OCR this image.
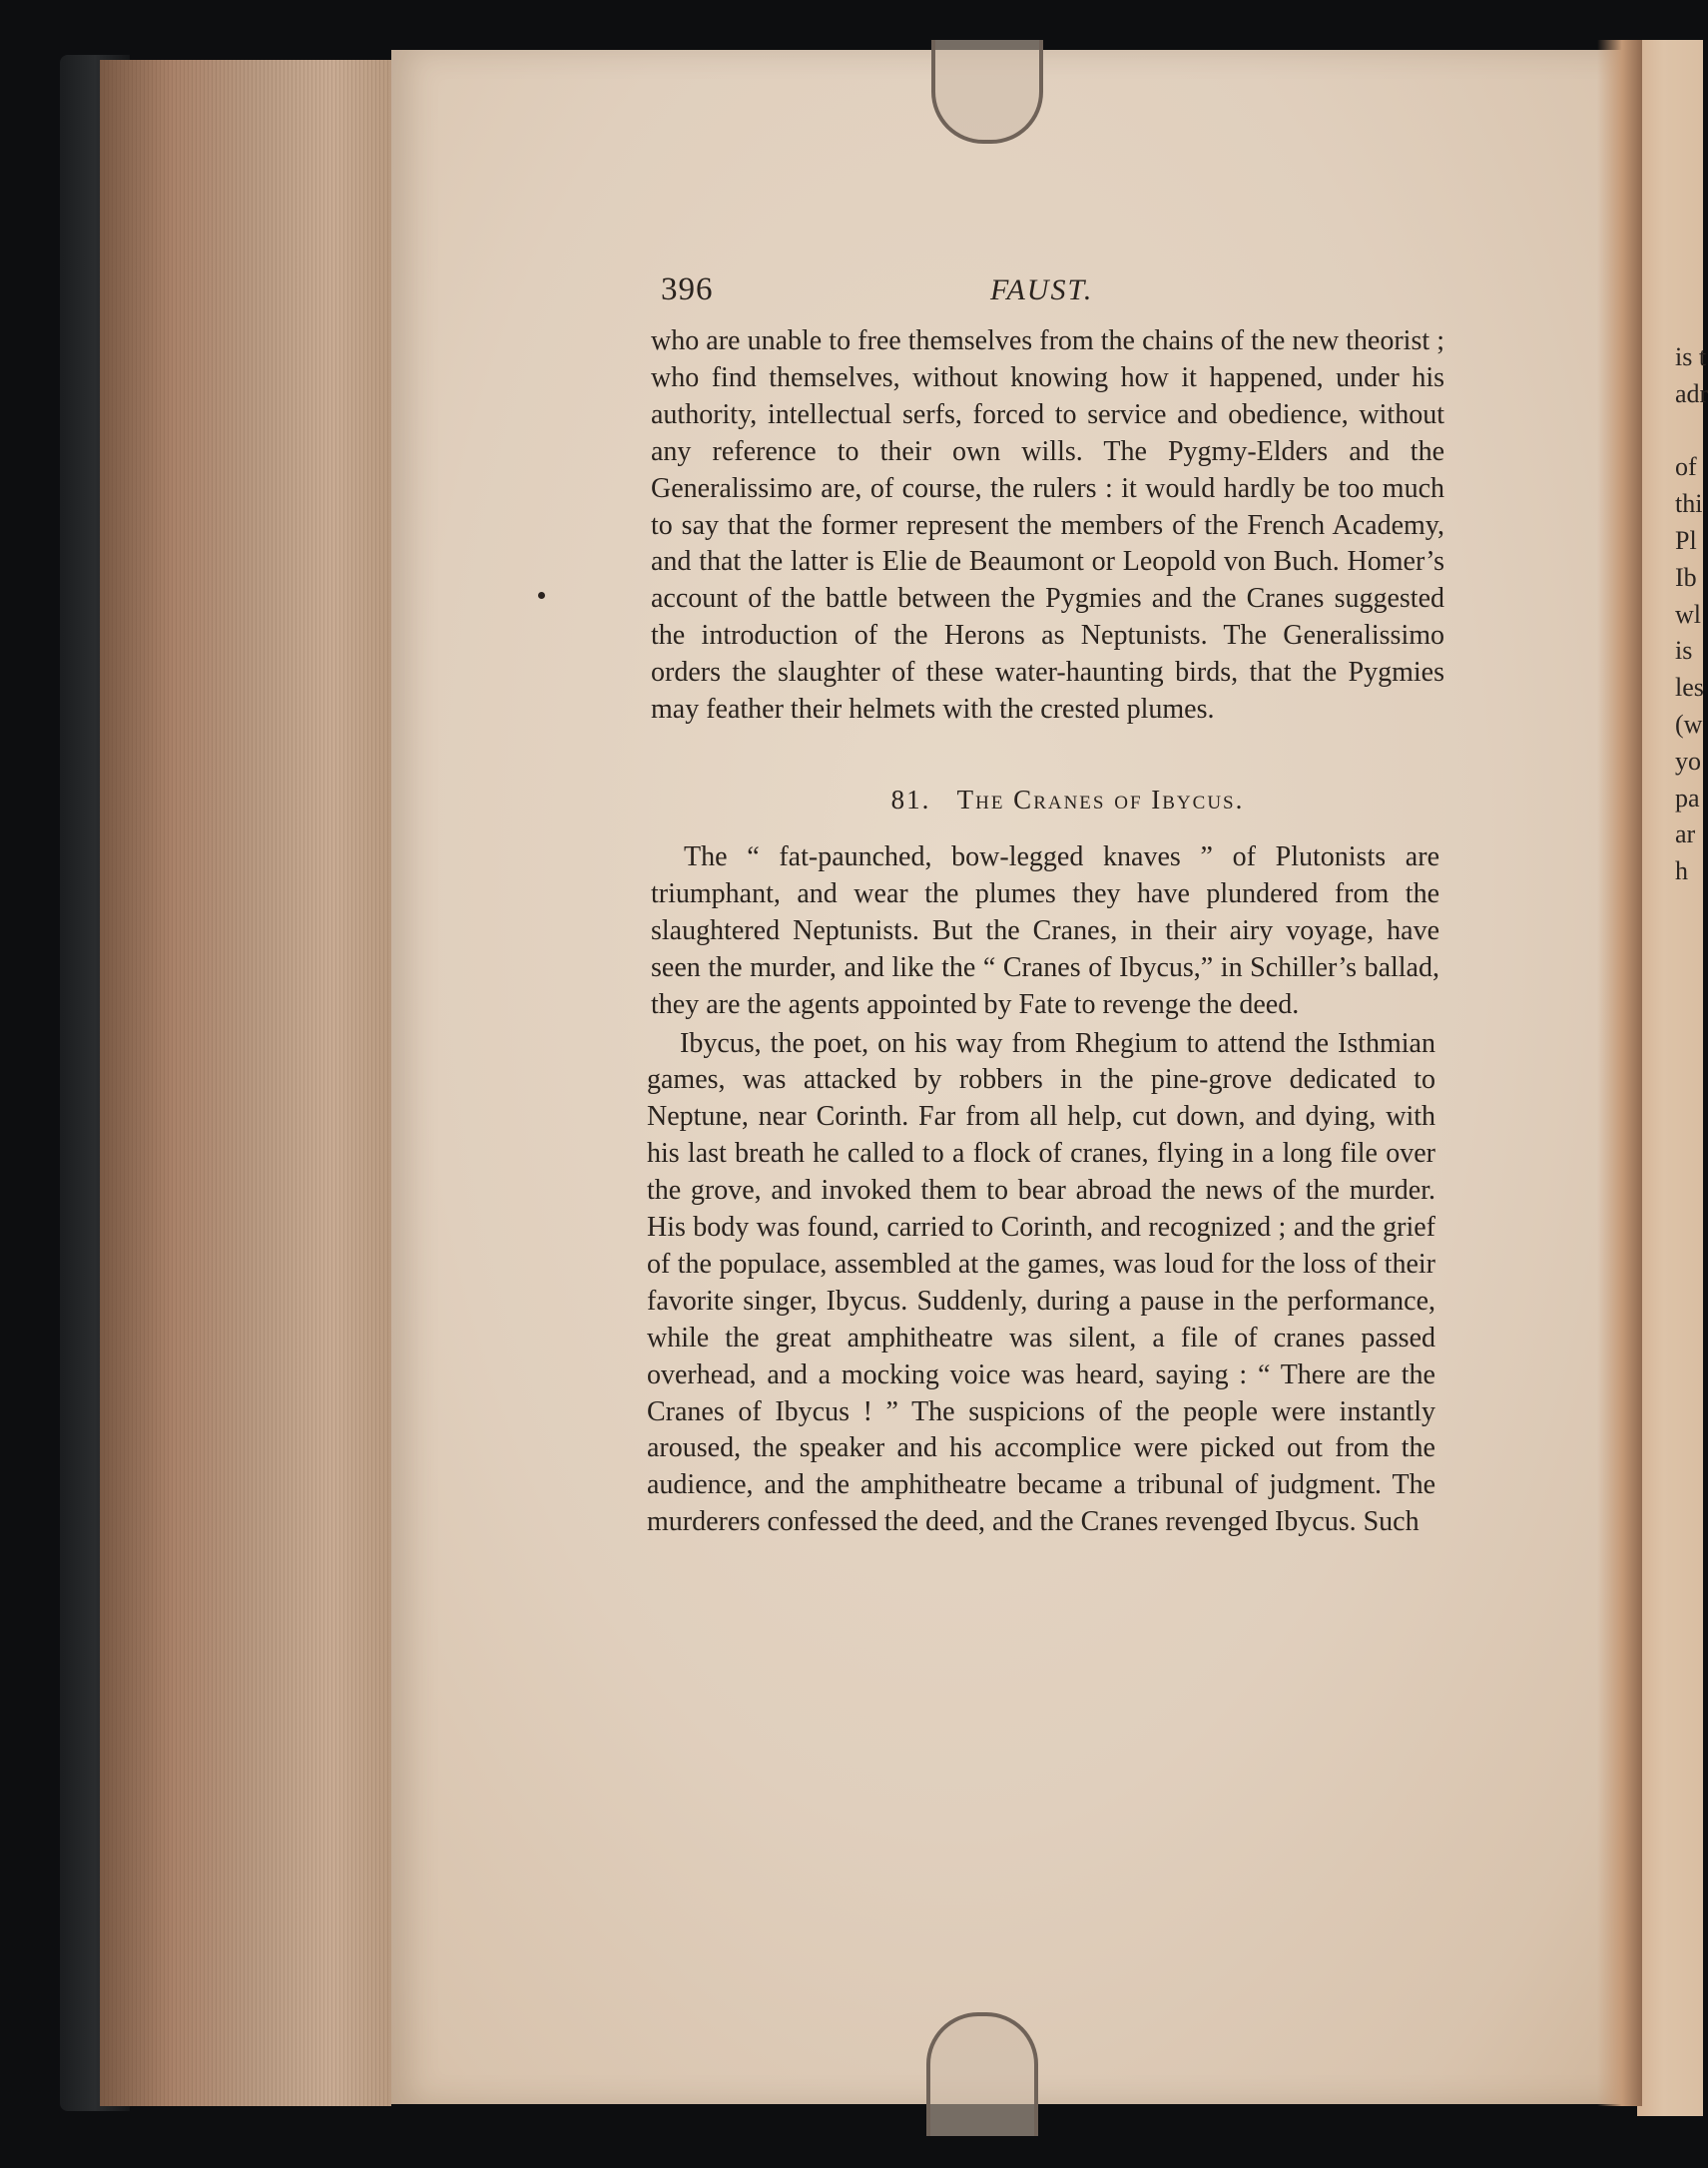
396	FAUST.

who are unable to free themselves from the chains of the new theorist ; who find themselves, without knowing how it happened, under his authority, intellectual serfs, forced to service and obedience, without any reference to their own wills. The Pygmy-Elders and the Generalissimo are, of course, the rulers : it would hardly be too much to say that the former represent the members of the French Academy, and that the latter is Elie de Beaumont or Leopold von Buch. Homer’s account of the battle between the Pygmies and the Cranes suggested the introduction of the Herons as Neptunists. The Generalissimo orders the slaughter of these water-haunting birds, that the Pygmies may feather their helmets with the crested plumes.

81. The Cranes of Ibycus.

The “ fat-paunched, bow-legged knaves ” of Plutonists are triumphant, and wear the plumes they have plundered from the slaughtered Neptunists. But the Cranes, in their airy voyage, have seen the murder, and like the “ Cranes of Ibycus,” in Schiller’s ballad, they are the agents appointed by Fate to revenge the deed.

Ibycus, the poet, on his way from Rhegium to attend the Isthmian games, was attacked by robbers in the pine-grove dedicated to Neptune, near Corinth. Far from all help, cut down, and dying, with his last breath he called to a flock of cranes, flying in a long file over the grove, and invoked them to bear abroad the news of the murder. His body was found, carried to Corinth, and recognized ; and the grief of the populace, assembled at the games, was loud for the loss of their favorite singer, Ibycus. Suddenly, during a pause in the performance, while the great amphitheatre was silent, a file of cranes passed overhead, and a mocking voice was heard, saying : “ There are the Cranes of Ibycus ! ” The suspicions of the people were instantly aroused, the speaker and his accomplice were picked out from the audience, and the amphitheatre became a tribunal of judgment. The murderers confessed the deed, and the Cranes revenged Ibycus. Such

is t
adr

of
thi
Pl
Ib
wl
is
les
(w
yo
pa
ar
h
